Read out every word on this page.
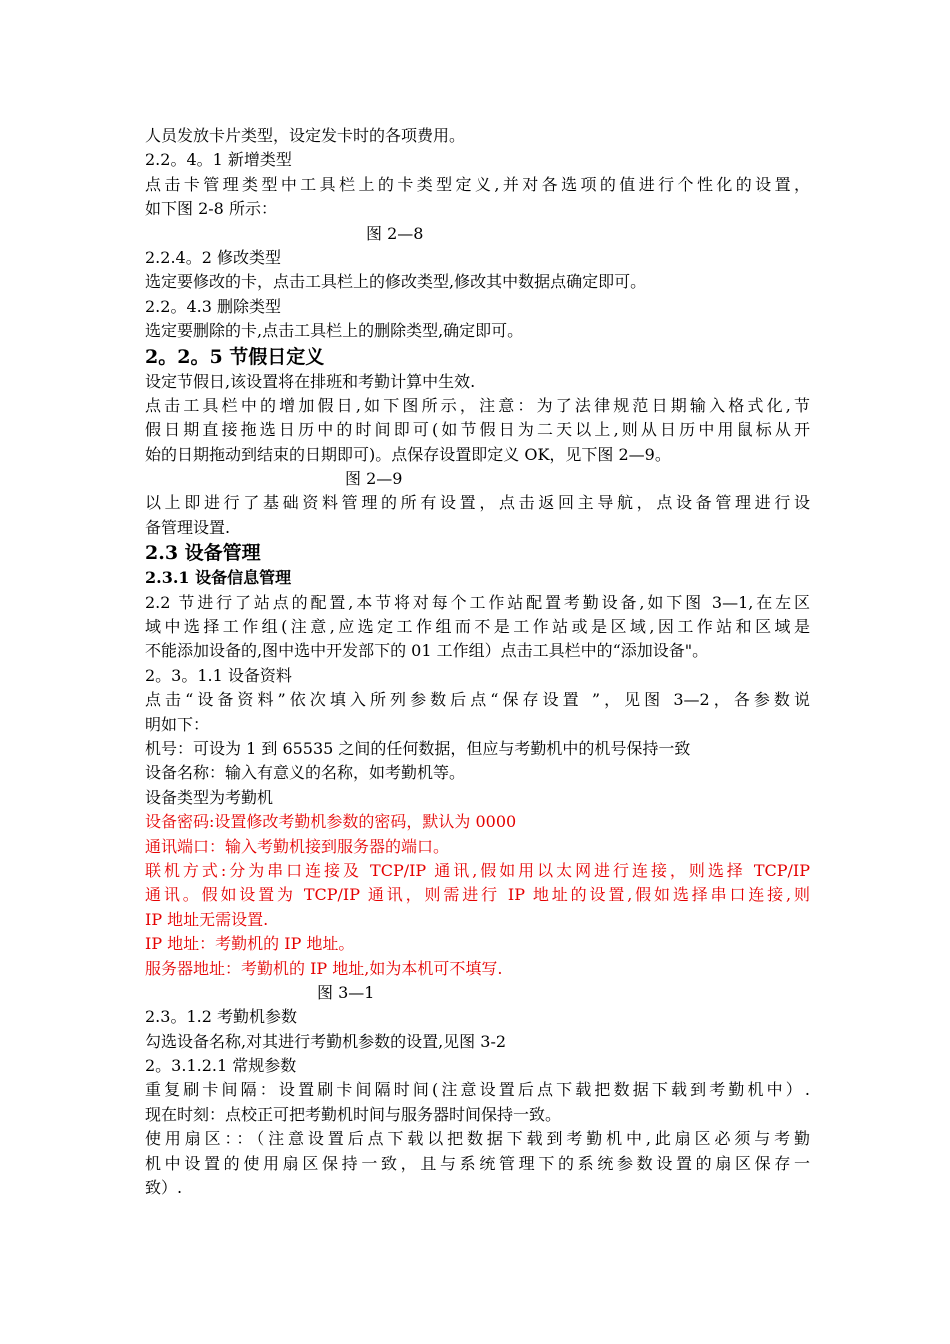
人员发放卡片类型，设定发卡时的各项费用。
2.2。4。1 新增类型
点击卡管理类型中工具栏上的卡类型定义,并对各选项的值进行个性化的设置，
如下图 2-8 所示：
图 2—8
2.2.4。2 修改类型
选定要修改的卡，点击工具栏上的修改类型,修改其中数据点确定即可。
2.2。4.3 删除类型
选定要删除的卡,点击工具栏上的删除类型,确定即可。
2。2。5 节假日定义
设定节假日,该设置将在排班和考勤计算中生效.
点击工具栏中的增加假日,如下图所示，注意：为了法律规范日期输入格式化,节
假日期直接拖选日历中的时间即可(如节假日为二天以上,则从日历中用鼠标从开
始的日期拖动到结束的日期即可)。点保存设置即定义 OK，见下图 2—9。
图 2—9
以上即进行了基础资料管理的所有设置，点击返回主导航，点设备管理进行设
备管理设置.
2.3 设备管理
2.3.1 设备信息管理
2.2 节进行了站点的配置,本节将对每个工作站配置考勤设备,如下图 3—1,在左区
域中选择工作组(注意,应选定工作组而不是工作站或是区域,因工作站和区域是
不能添加设备的,图中选中开发部下的 01 工作组）点击工具栏中的“添加设备"。
2。3。1.1 设备资料
点击“设备资料”依次填入所列参数后点“保存设置 ”，见图 3—2，各参数说
明如下：
机号：可设为 1 到 65535 之间的任何数据，但应与考勤机中的机号保持一致
设备名称：输入有意义的名称，如考勤机等。
设备类型为考勤机
设备密码:设置修改考勤机参数的密码，默认为 0000
通讯端口：输入考勤机接到服务器的端口。
联机方式:分为串口连接及 TCP/IP 通讯,假如用以太网进行连接，则选择 TCP/IP
通讯。假如设置为 TCP/IP 通讯，则需进行 IP 地址的设置,假如选择串口连接,则
IP 地址无需设置.
IP 地址：考勤机的 IP 地址。
服务器地址：考勤机的 IP 地址,如为本机可不填写.
图 3—1
2.3。1.2 考勤机参数
勾选设备名称,对其进行考勤机参数的设置,见图 3-2
2。3.1.2.1 常规参数
重复刷卡间隔：设置刷卡间隔时间(注意设置后点下载把数据下载到考勤机中）.
现在时刻：点校正可把考勤机时间与服务器时间保持一致。
使用扇区：：（注意设置后点下载以把数据下载到考勤机中,此扇区必须与考勤
机中设置的使用扇区保持一致，且与系统管理下的系统参数设置的扇区保存一
致）.
